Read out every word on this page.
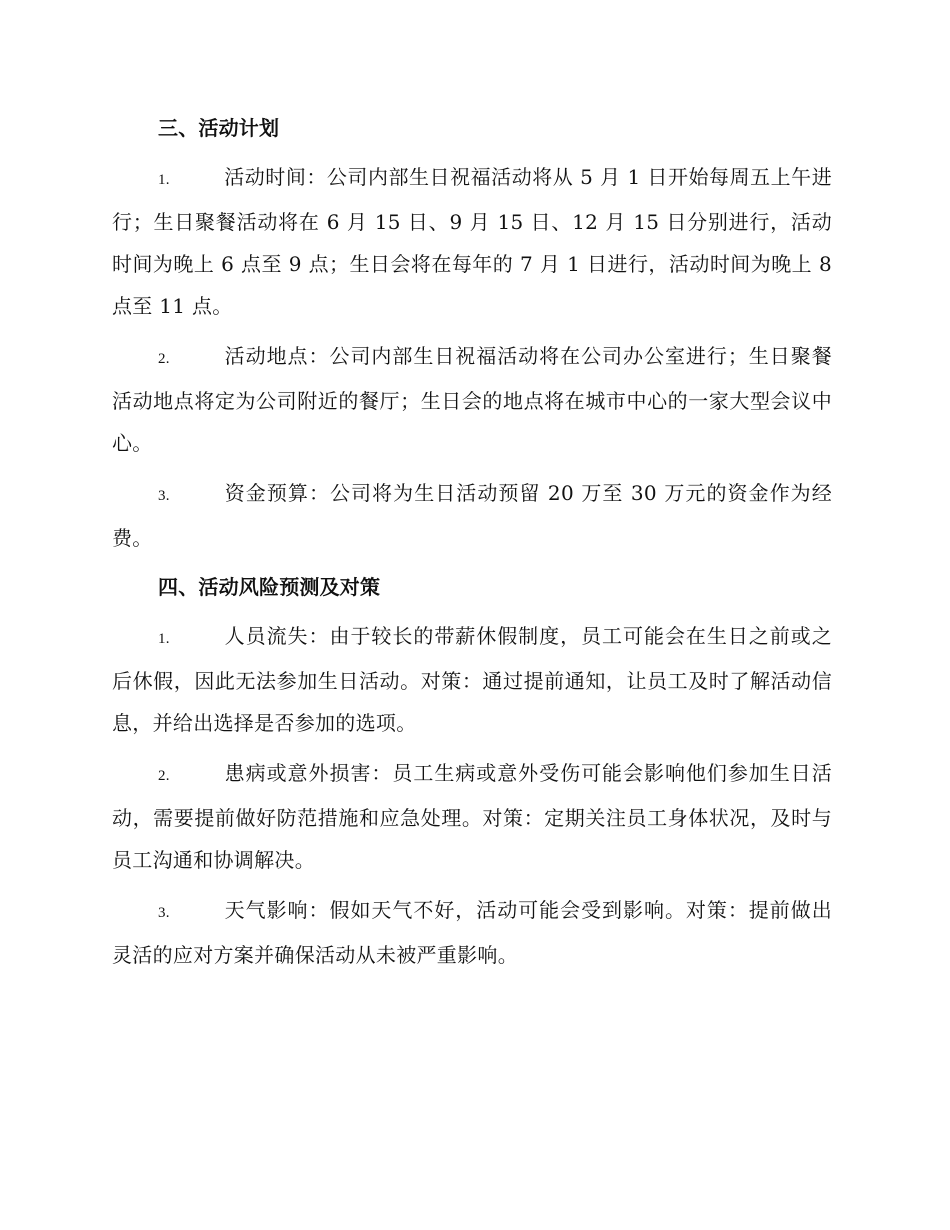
三、活动计划
1.	活动时间：公司内部生日祝福活动将从 5 月 1 日开始每周五上午进行；生日聚餐活动将在 6 月 15 日、9 月 15 日、12 月 15 日分别进行，活动时间为晚上 6 点至 9 点；生日会将在每年的 7 月 1 日进行，活动时间为晚上 8 点至 11 点。
2.	活动地点：公司内部生日祝福活动将在公司办公室进行；生日聚餐活动地点将定为公司附近的餐厅；生日会的地点将在城市中心的一家大型会议中心。
3.	资金预算：公司将为生日活动预留 20 万至 30 万元的资金作为经费。
四、活动风险预测及对策
1.	人员流失：由于较长的带薪休假制度，员工可能会在生日之前或之后休假，因此无法参加生日活动。对策：通过提前通知，让员工及时了解活动信息，并给出选择是否参加的选项。
2.	患病或意外损害：员工生病或意外受伤可能会影响他们参加生日活动，需要提前做好防范措施和应急处理。对策：定期关注员工身体状况，及时与员工沟通和协调解决。
3.	天气影响：假如天气不好，活动可能会受到影响。对策：提前做出灵活的应对方案并确保活动从未被严重影响。
